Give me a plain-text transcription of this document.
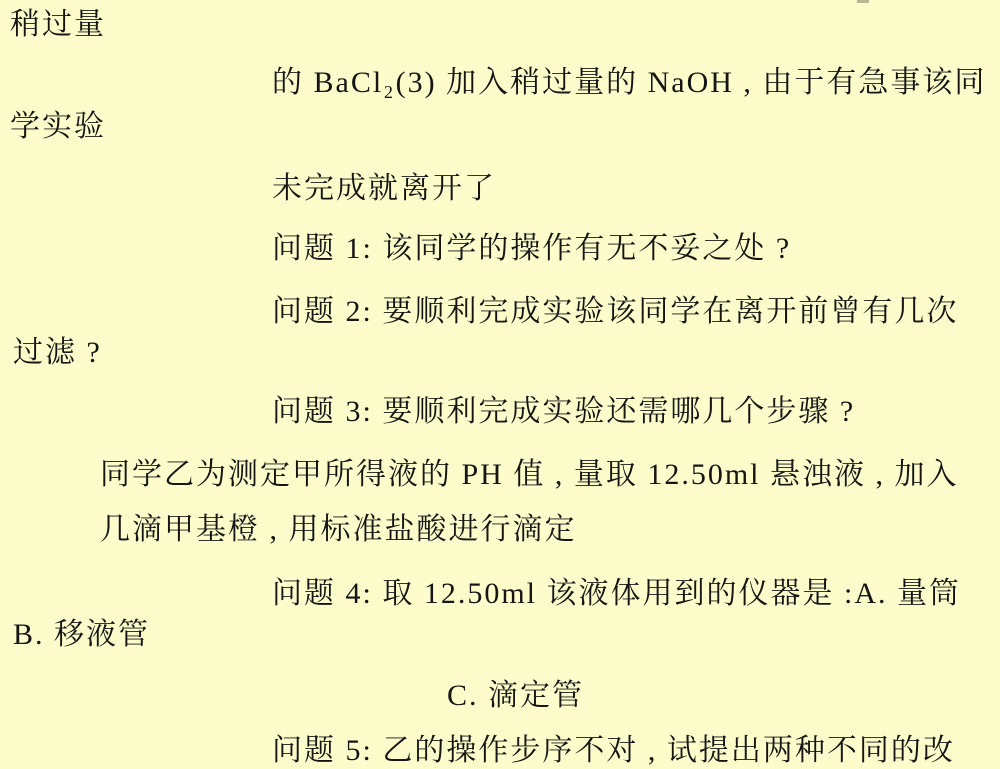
稍过量
的 BaCl₂(3) 加入稍过量的 NaOH , 由于有急事该同
学实验
未完成就离开了
问题 1: 该同学的操作有无不妥之处 ?
问题 2: 要顺利完成实验该同学在离开前曾有几次
过滤 ?
问题 3: 要顺利完成实验还需哪几个步骤 ?
同学乙为测定甲所得液的 PH 值 , 量取 12.50ml 悬浊液 , 加入
几滴甲基橙 , 用标准盐酸进行滴定
问题 4: 取 12.50ml 该液体用到的仪器是 :A. 量筒
B. 移液管
C. 滴定管
问题 5: 乙的操作步序不对 , 试提出两种不同的改
